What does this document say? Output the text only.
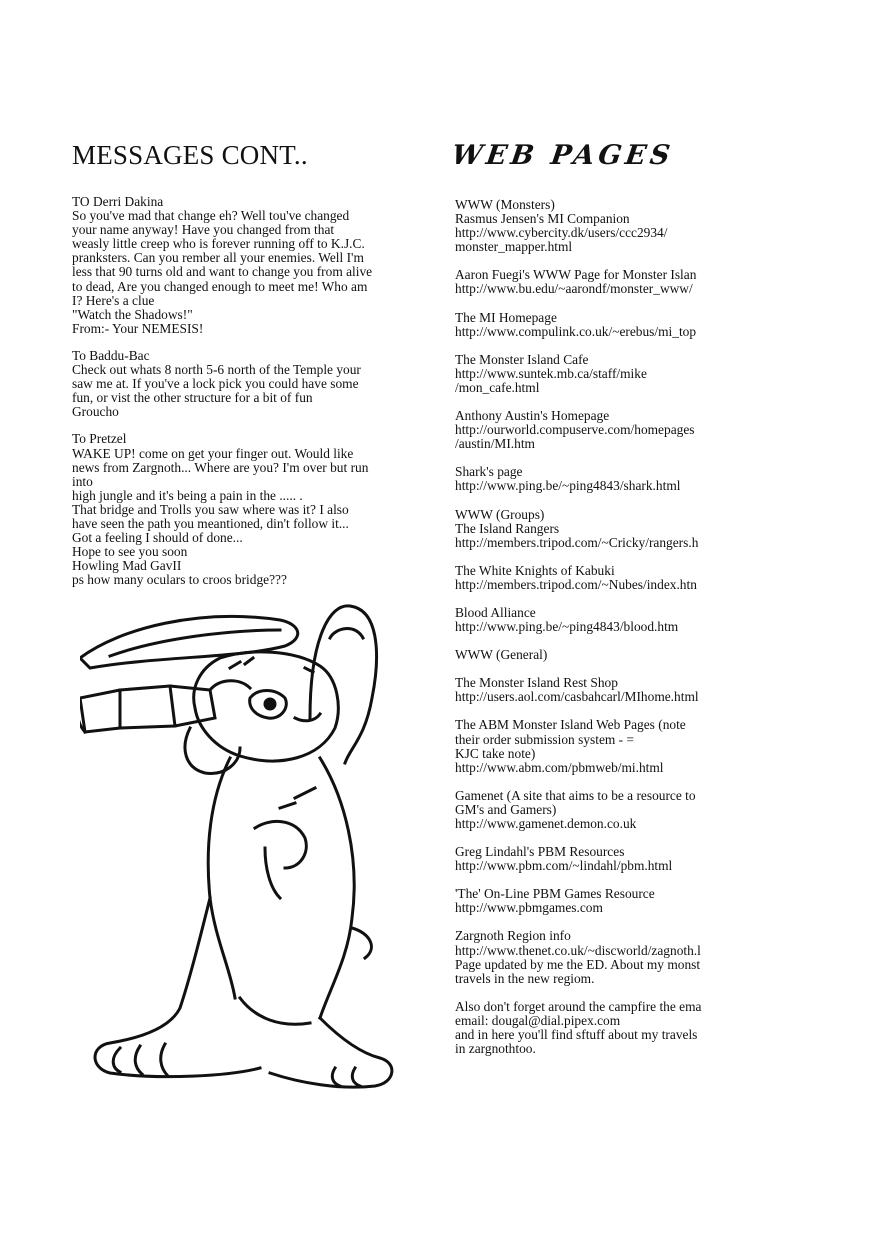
MESSAGES CONT..	WEB PAGES
TO Derri Dakina
So you've mad that change eh? Well tou've changed
your name anyway! Have you changed from that
weasly little creep who is forever running off to K.J.C.
pranksters. Can you rember all your enemies. Well I'm
less that 90 turns old and want to change you from alive
to dead, Are you changed enough to meet me! Who am
I? Here's a clue
"Watch the Shadows!"
From:- Your NEMESIS!
To Baddu-Bac
Check out whats 8 north 5-6 north of the Temple your
saw me at. If you've a lock pick you could have some
fun, or vist the other structure for a bit of fun
Groucho
To Pretzel
WAKE UP! come on get your finger out. Would like
news from Zargnoth... Where are you? I'm over but run
into
high jungle and it's being a pain in the ..... .
That bridge and Trolls you saw where was it? I also
have seen the path you meantioned, din't follow it...
Got a feeling I should of done...
Hope to see you soon
Howling Mad GavII
ps how many oculars to croos bridge???
WWW (Monsters)
Rasmus Jensen's MI Companion
http://www.cybercity.dk/users/ccc2934/
monster_mapper.html
Aaron Fuegi's WWW Page for Monster Islan
http://www.bu.edu/~aarondf/monster_www/
The MI Homepage
http://www.compulink.co.uk/~erebus/mi_top
The Monster Island Cafe
http://www.suntek.mb.ca/staff/mike
/mon_cafe.html
Anthony Austin's Homepage
http://ourworld.compuserve.com/homepages
/austin/MI.htm
Shark's page
http://www.ping.be/~ping4843/shark.html
WWW (Groups)
The Island Rangers
http://members.tripod.com/~Cricky/rangers.h
The White Knights of Kabuki
http://members.tripod.com/~Nubes/index.htn
Blood Alliance
http://www.ping.be/~ping4843/blood.htm
WWW (General)
The Monster Island Rest Shop
http://users.aol.com/casbahcarl/MIhome.html
The ABM Monster Island Web Pages (note
their order submission system - =
KJC take note)
http://www.abm.com/pbmweb/mi.html
Gamenet (A site that aims to be a resource to
GM's and Gamers)
http://www.gamenet.demon.co.uk
Greg Lindahl's PBM Resources
http://www.pbm.com/~lindahl/pbm.html
'The' On-Line PBM Games Resource
http://www.pbmgames.com
Zargnoth Region info
http://www.thenet.co.uk/~discworld/zagnoth.l
Page updated by me the ED. About my monst
travels in the new regiom.
Also don't forget around the campfire the ema
email: dougal@dial.pipex.com
and in here you'll find sftuff about my travels
in zargnothtoo.
